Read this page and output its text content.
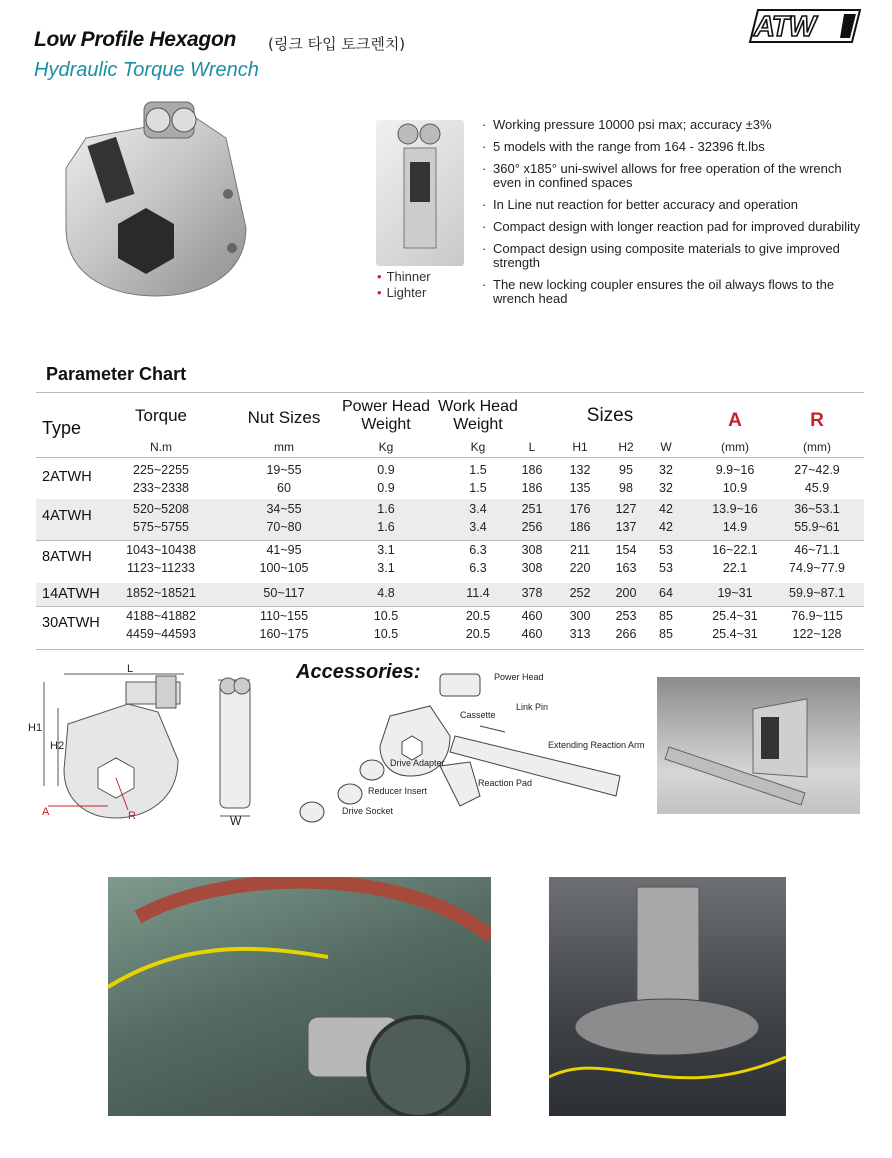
Low Profile Hexagon (링크 타입 토크렌치)
Hydraulic Torque Wrench
ATW
• Thinner
• Lighter
· Working pressure 10000 psi max; accuracy ±3%
· 5 models with the range from 164 - 32396 ft.lbs
· 360° x185° uni-swivel allows for free operation of the wrench even in confined spaces
· In Line nut reaction for better accuracy and operation
· Compact design with longer reaction pad for improved durability
· Compact design using composite materials to give improved strength
· The new locking coupler ensures the oil always flows to the wrench head
Parameter Chart
Type
Torque	Nut Sizes
Power Head
Weight
Work Head
Weight	Sizes	A	R
N.m	mm	Kg	Kg	L	H1	H2 W	(mm)	(mm)
2ATWH	225~2255	19~55	0.9	1.5	186 132 95 32	9.9~16	27~42.9
233~2338	60	0.9	1.5	186 135 98 32	10.9	45.9
4ATWH	520~5208	34~55	1.6	3.4	251 176 127 42	13.9~16	36~53.1
575~5755	70~80	1.6	3.4	256 186 137 42	14.9	55.9~61
8ATWH	1043~10438	41~95	3.1	6.3	308 211 154 53	16~22.1	46~71.1
1123~11233	100~105	3.1	6.3	308 220 163 53	22.1	74.9~77.9
14ATWH 1852~18521	50~117	4.8	11.4	378 252 200 64	19~31	59.9~87.1
30ATWH 4188~41882	110~155	10.5	20.5	460 300 253 85	25.4~31	76.9~115
4459~44593	160~175	10.5	20.5	460 313 266 85	25.4~31	122~128
L
H1
H2
A	R	W
Accessories:	Power Head
Cassette
Link Pin
Extending Reaction Arm
Drive Adapter
Reaction Pad
Reducer Insert
Drive Socket
